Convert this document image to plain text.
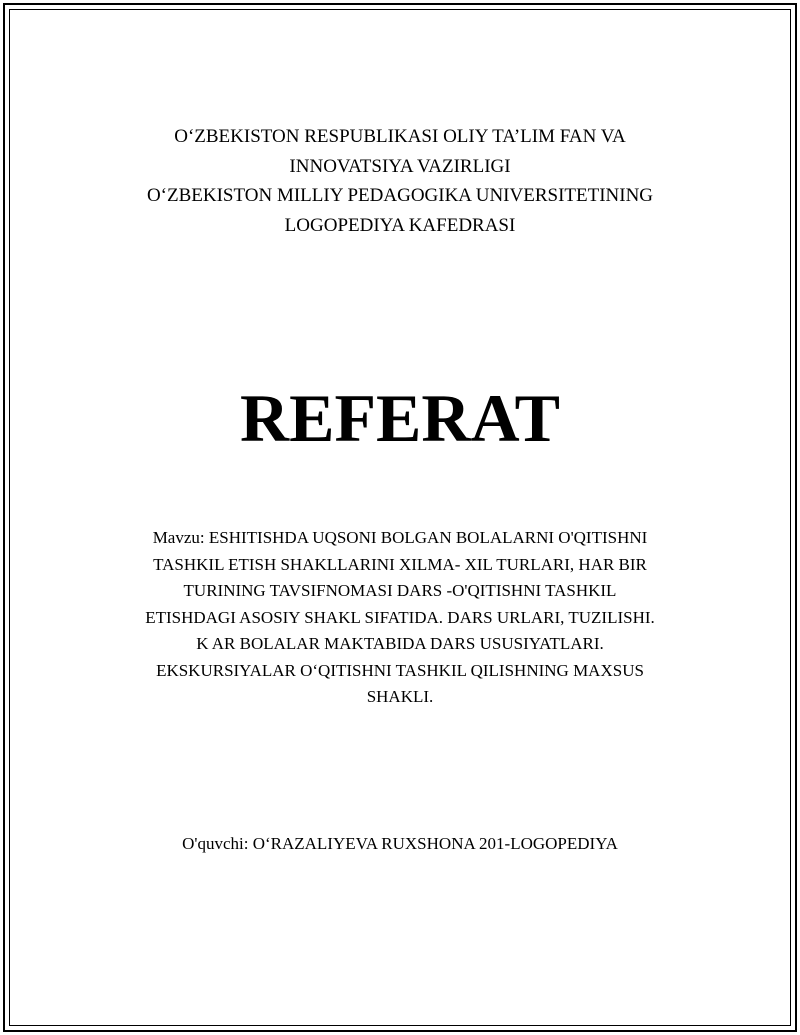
O‘ZBEKISTON RESPUBLIKASI OLIY TA’LIM FAN VA
INNOVATSIYA VAZIRLIGI
O‘ZBEKISTON MILLIY PEDAGOGIKA UNIVERSITETINING
LOGOPEDIYA KAFEDRASI
REFERAT
Mavzu: ESHITISHDA UQSONI BOLGAN BOLALARNI O'QITISHNI
TASHKIL ETISH SHAKLLARINI XILMA- XIL TURLARI, HAR BIR
TURINING TAVSIFNOMASI DARS -O'QITISHNI TASHKIL
ETISHDAGI ASOSIY SHAKL SIFATIDA. DARS URLARI, TUZILISHI.
K AR BOLALAR MAKTABIDA DARS USUSIYATLARI.
EKSKURSIYALAR O‘QITISHNI TASHKIL QILISHNING MAXSUS
SHAKLI.
O'quvchi: O‘RAZALIYEVA RUXSHONA 201-LOGOPEDIYA
